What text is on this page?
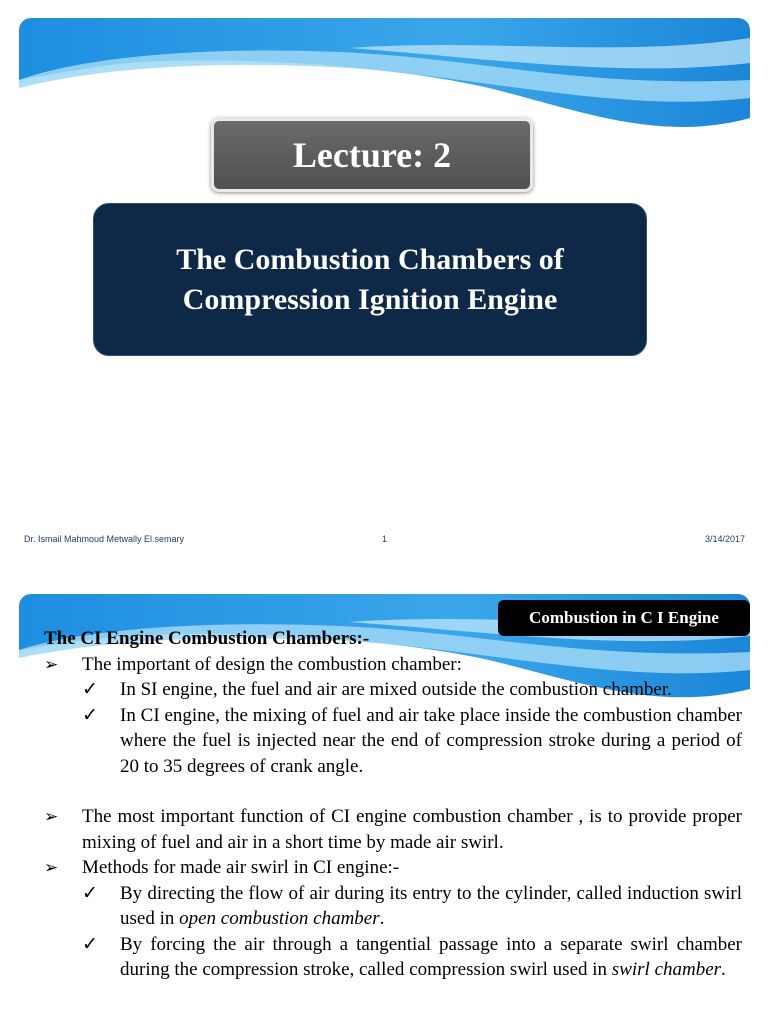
Lecture: 2
The Combustion Chambers of
Compression Ignition Engine
Dr. Ismail Mahmoud Metwally El.semary	1	3/14/2017
Combustion in C I Engine
The CI Engine Combustion Chambers:-
➢	The important of design the combustion chamber:
✓	In SI engine, the fuel and air are mixed outside the combustion chamber.
✓	In CI engine, the mixing of fuel and air take place inside the combustion chamber where the fuel is injected near the end of compression stroke during a period of 20 to 35 degrees of crank angle.
➢	The most important function of CI engine combustion chamber , is to provide proper mixing of fuel and air in a short time by made air swirl.
➢	Methods for made air swirl in CI engine:-
✓	By directing the flow of air during its entry to the cylinder, called induction swirl used in open combustion chamber.
✓	By forcing the air through a tangential passage into a separate swirl chamber during the compression stroke, called compression swirl used in swirl chamber.
